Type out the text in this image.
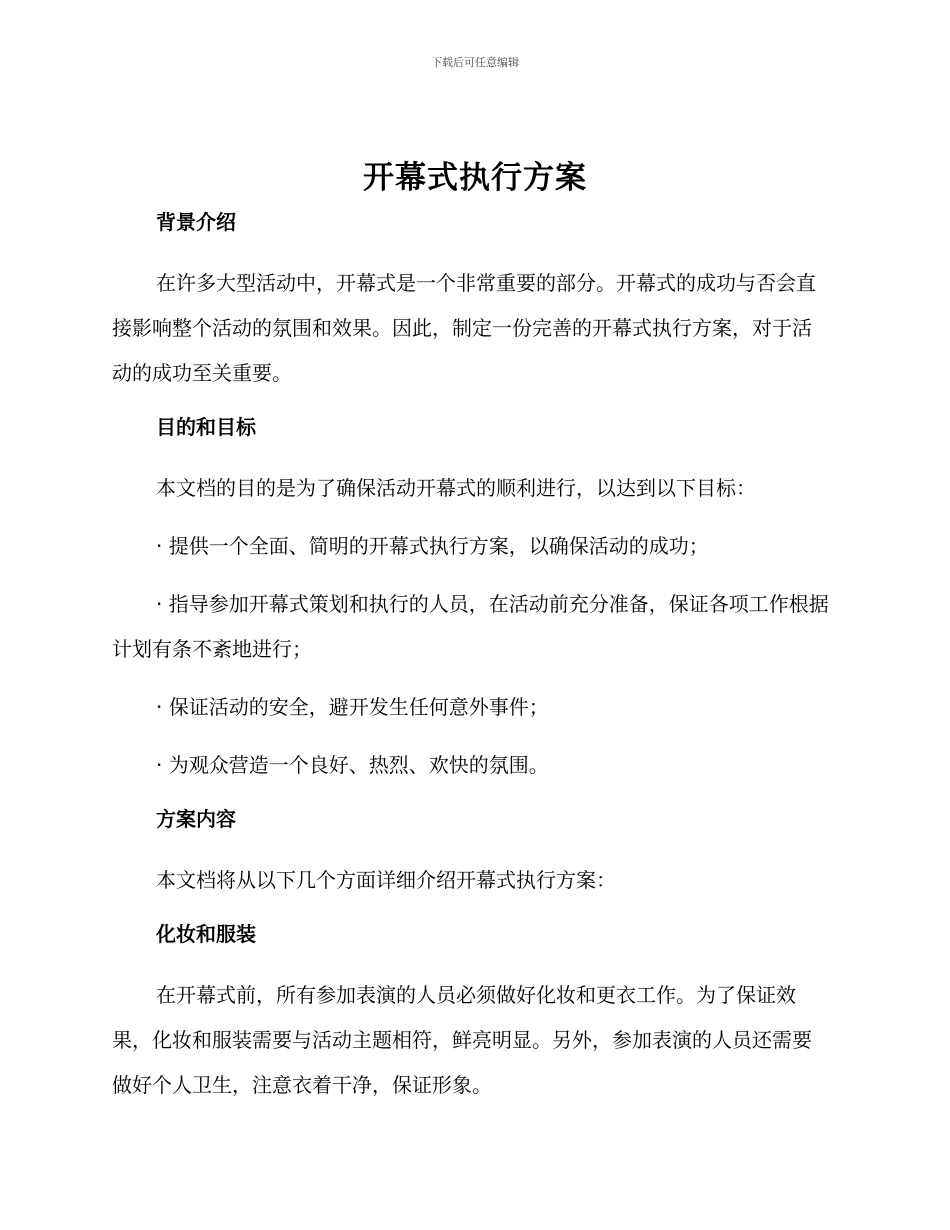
下载后可任意编辑
开幕式执行方案
背景介绍

在许多大型活动中，开幕式是一个非常重要的部分。开幕式的成功与否会直接影响整个活动的氛围和效果。因此，制定一份完善的开幕式执行方案，对于活动的成功至关重要。

目的和目标

本文档的目的是为了确保活动开幕式的顺利进行，以达到以下目标：

· 提供一个全面、简明的开幕式执行方案，以确保活动的成功；

· 指导参加开幕式策划和执行的人员，在活动前充分准备，保证各项工作根据计划有条不紊地进行；

· 保证活动的安全，避开发生任何意外事件；

· 为观众营造一个良好、热烈、欢快的氛围。

方案内容

本文档将从以下几个方面详细介绍开幕式执行方案：

化妆和服装

在开幕式前，所有参加表演的人员必须做好化妆和更衣工作。为了保证效果，化妆和服装需要与活动主题相符，鲜亮明显。另外，参加表演的人员还需要做好个人卫生，注意衣着干净，保证形象。
